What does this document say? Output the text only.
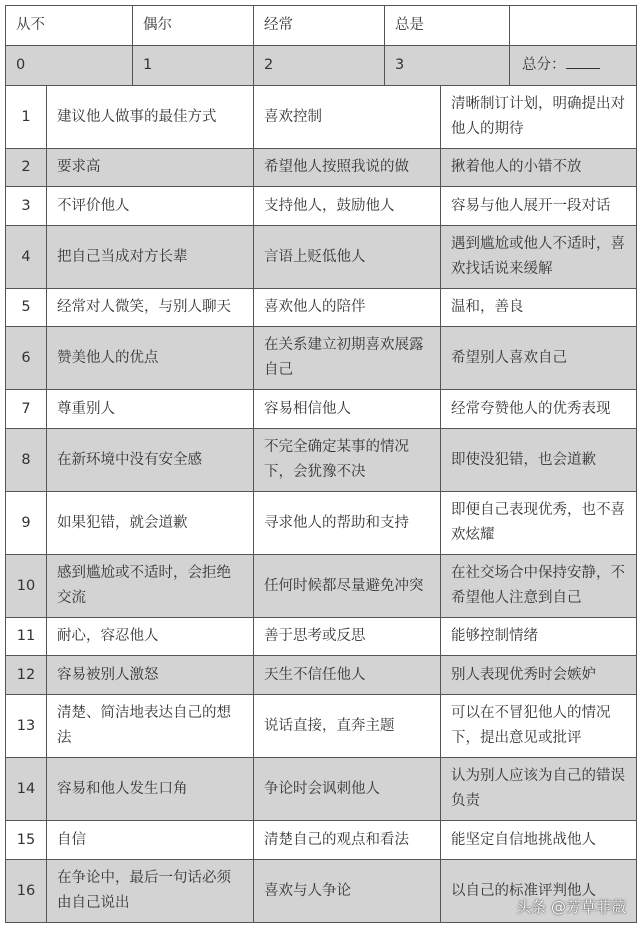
从不	偶尔	经常	总是	
0	1	2	3	总分：
1	建议他人做事的最佳方式	喜欢控制	清晰制订计划，明确提出对他人的期待
2	要求高	希望他人按照我说的做	揪着他人的小错不放
3	不评价他人	支持他人，鼓励他人	容易与他人展开一段对话
4	把自己当成对方长辈	言语上贬低他人	遇到尴尬或他人不适时，喜欢找话说来缓解
5	经常对人微笑，与别人聊天	喜欢他人的陪伴	温和，善良
6	赞美他人的优点	在关系建立初期喜欢展露自己	希望别人喜欢自己
7	尊重别人	容易相信他人	经常夸赞他人的优秀表现
8	在新环境中没有安全感	不完全确定某事的情况下，会犹豫不决	即使没犯错，也会道歉
9	如果犯错，就会道歉	寻求他人的帮助和支持	即便自己表现优秀，也不喜欢炫耀
10	感到尴尬或不适时，会拒绝交流	任何时候都尽量避免冲突	在社交场合中保持安静，不希望他人注意到自己
11	耐心，容忍他人	善于思考或反思	能够控制情绪
12	容易被别人激怒	天生不信任他人	别人表现优秀时会嫉妒
13	清楚、简洁地表达自己的想法	说话直接，直奔主题	可以在不冒犯他人的情况下，提出意见或批评
14	容易和他人发生口角	争论时会讽刺他人	认为别人应该为自己的错误负责
15	自信	清楚自己的观点和看法	能坚定自信地挑战他人
16	在争论中，最后一句话必须由自己说出	喜欢与人争论	以自己的标准评判他人
头条 @芳草菲薇
